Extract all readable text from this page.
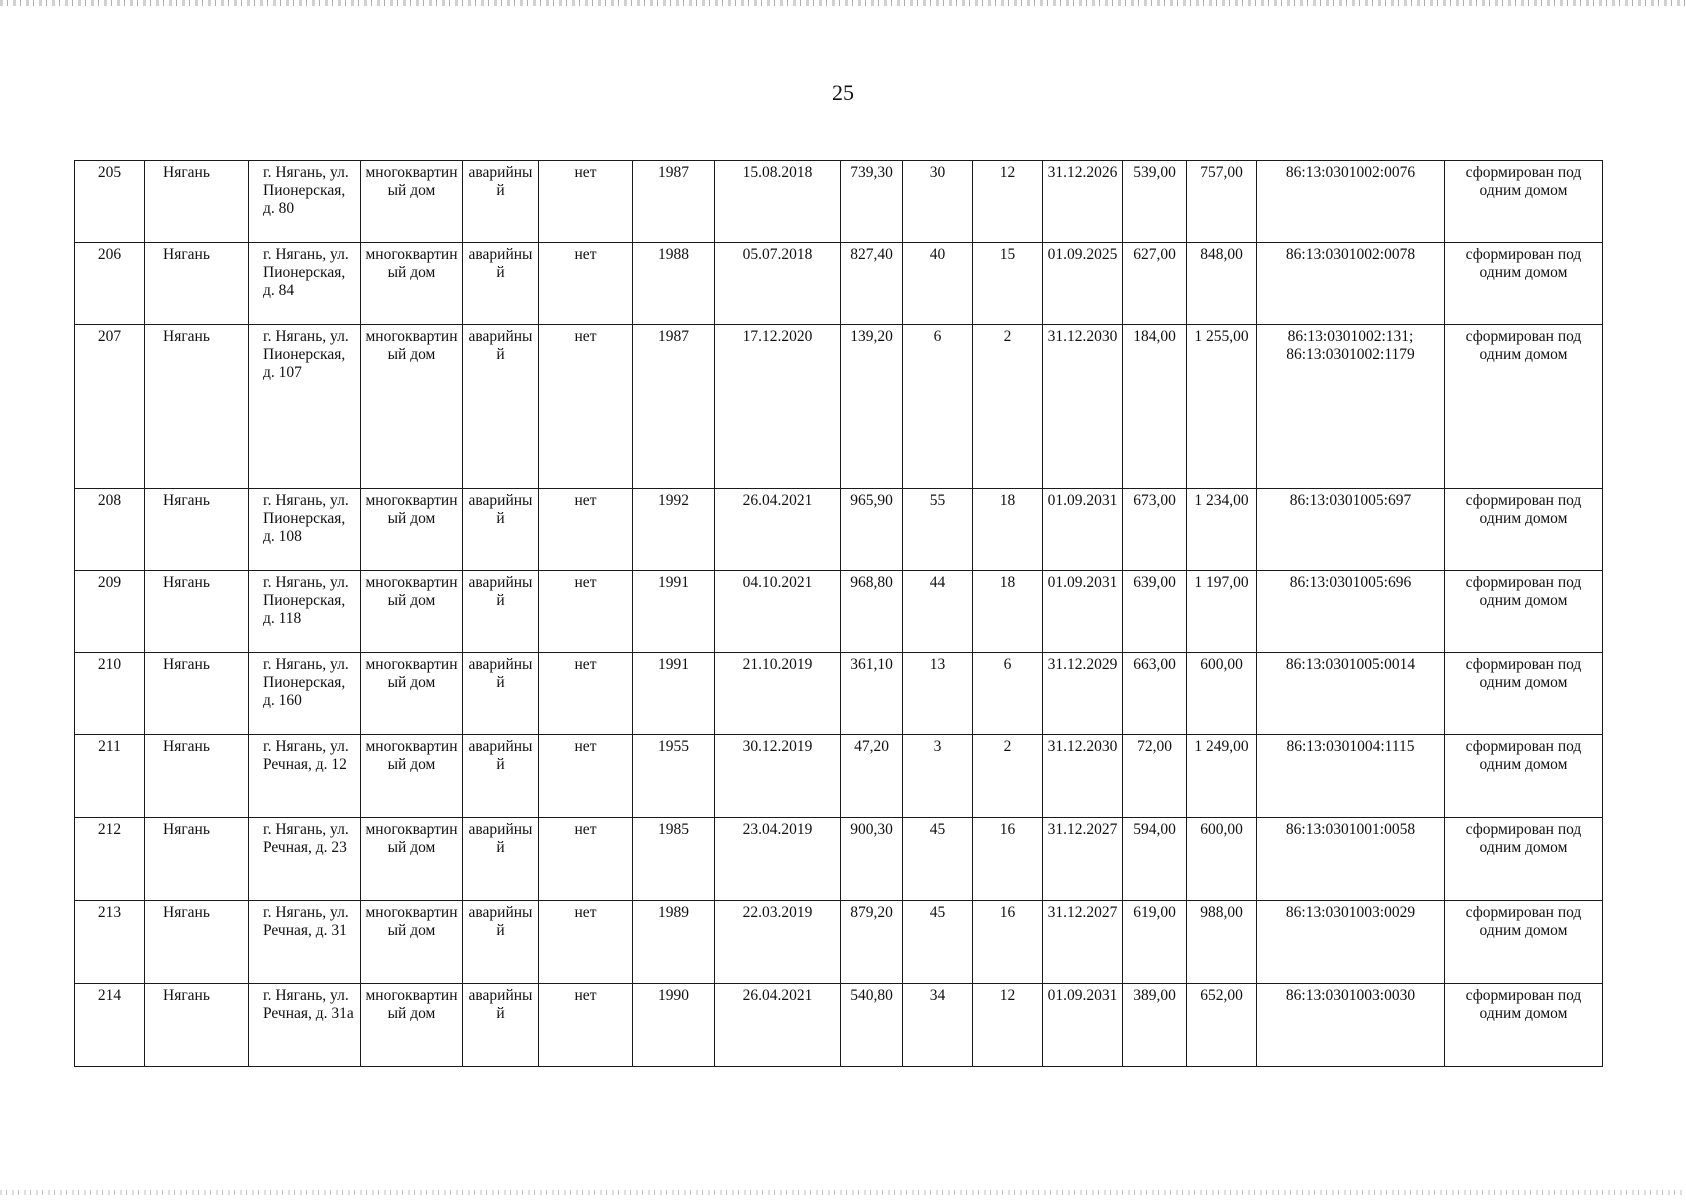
25
205	Нягань	г. Нягань, ул. Пионерская, д. 80	многоквартиный дом	аварийный	нет	1987	15.08.2018	739,30	30	12	31.12.2026	539,00	757,00	86:13:0301002:0076	сформирован под одним домом
206	Нягань	г. Нягань, ул. Пионерская, д. 84	многоквартиный дом	аварийный	нет	1988	05.07.2018	827,40	40	15	01.09.2025	627,00	848,00	86:13:0301002:0078	сформирован под одним домом
207	Нягань	г. Нягань, ул. Пионерская, д. 107	многоквартиный дом	аварийный	нет	1987	17.12.2020	139,20	6	2	31.12.2030	184,00	1 255,00	86:13:0301002:131; 86:13:0301002:1179	сформирован под одним домом
208	Нягань	г. Нягань, ул. Пионерская, д. 108	многоквартиный дом	аварийный	нет	1992	26.04.2021	965,90	55	18	01.09.2031	673,00	1 234,00	86:13:0301005:697	сформирован под одним домом
209	Нягань	г. Нягань, ул. Пионерская, д. 118	многоквартиный дом	аварийный	нет	1991	04.10.2021	968,80	44	18	01.09.2031	639,00	1 197,00	86:13:0301005:696	сформирован под одним домом
210	Нягань	г. Нягань, ул. Пионерская, д. 160	многоквартиный дом	аварийный	нет	1991	21.10.2019	361,10	13	6	31.12.2029	663,00	600,00	86:13:0301005:0014	сформирован под одним домом
211	Нягань	г. Нягань, ул. Речная, д. 12	многоквартиный дом	аварийный	нет	1955	30.12.2019	47,20	3	2	31.12.2030	72,00	1 249,00	86:13:0301004:1115	сформирован под одним домом
212	Нягань	г. Нягань, ул. Речная, д. 23	многоквартиный дом	аварийный	нет	1985	23.04.2019	900,30	45	16	31.12.2027	594,00	600,00	86:13:0301001:0058	сформирован под одним домом
213	Нягань	г. Нягань, ул. Речная, д. 31	многоквартиный дом	аварийный	нет	1989	22.03.2019	879,20	45	16	31.12.2027	619,00	988,00	86:13:0301003:0029	сформирован под одним домом
214	Нягань	г. Нягань, ул. Речная, д. 31а	многоквартиный дом	аварийный	нет	1990	26.04.2021	540,80	34	12	01.09.2031	389,00	652,00	86:13:0301003:0030	сформирован под одним домом
